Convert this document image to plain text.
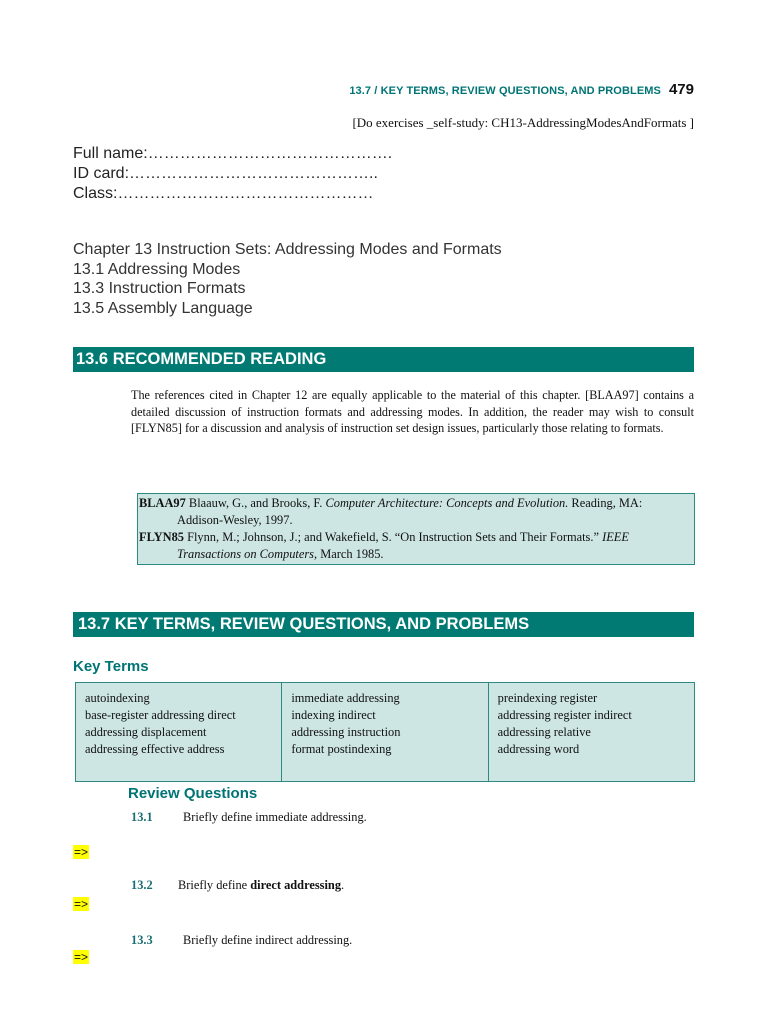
13.7 / KEY TERMS, REVIEW QUESTIONS, AND PROBLEMS 479
[Do exercises _self-study: CH13-AddressingModesAndFormats ]
Full name:……………………………………….
ID card:………………………………………..
Class:…………………………………………
Chapter 13 Instruction Sets: Addressing Modes and Formats
13.1 Addressing Modes
13.3 Instruction Formats
13.5 Assembly Language
13.6 RECOMMENDED READING

The references cited in Chapter 12 are equally applicable to the material of this chapter. [BLAA97] contains a detailed discussion of instruction formats and addressing modes. In addition, the reader may wish to consult [FLYN85] for a discussion and analysis of instruction set design issues, particularly those relating to formats.

BLAA97 Blaauw, G., and Brooks, F. Computer Architecture: Concepts and Evolution. Reading, MA: Addison-Wesley, 1997.
FLYN85 Flynn, M.; Johnson, J.; and Wakefield, S. “On Instruction Sets and Their Formats.” IEEE Transactions on Computers, March 1985.
13.7 KEY TERMS, REVIEW QUESTIONS, AND PROBLEMS
Key Terms
autoindexing
base-register addressing direct
addressing displacement
addressing effective address
immediate addressing
indexing indirect
addressing instruction
format postindexing
preindexing register
addressing register indirect
addressing relative
addressing word
Review Questions
13.1 Briefly define immediate addressing.
=>
13.2 Briefly define direct addressing.
=>
13.3 Briefly define indirect addressing.
=>
